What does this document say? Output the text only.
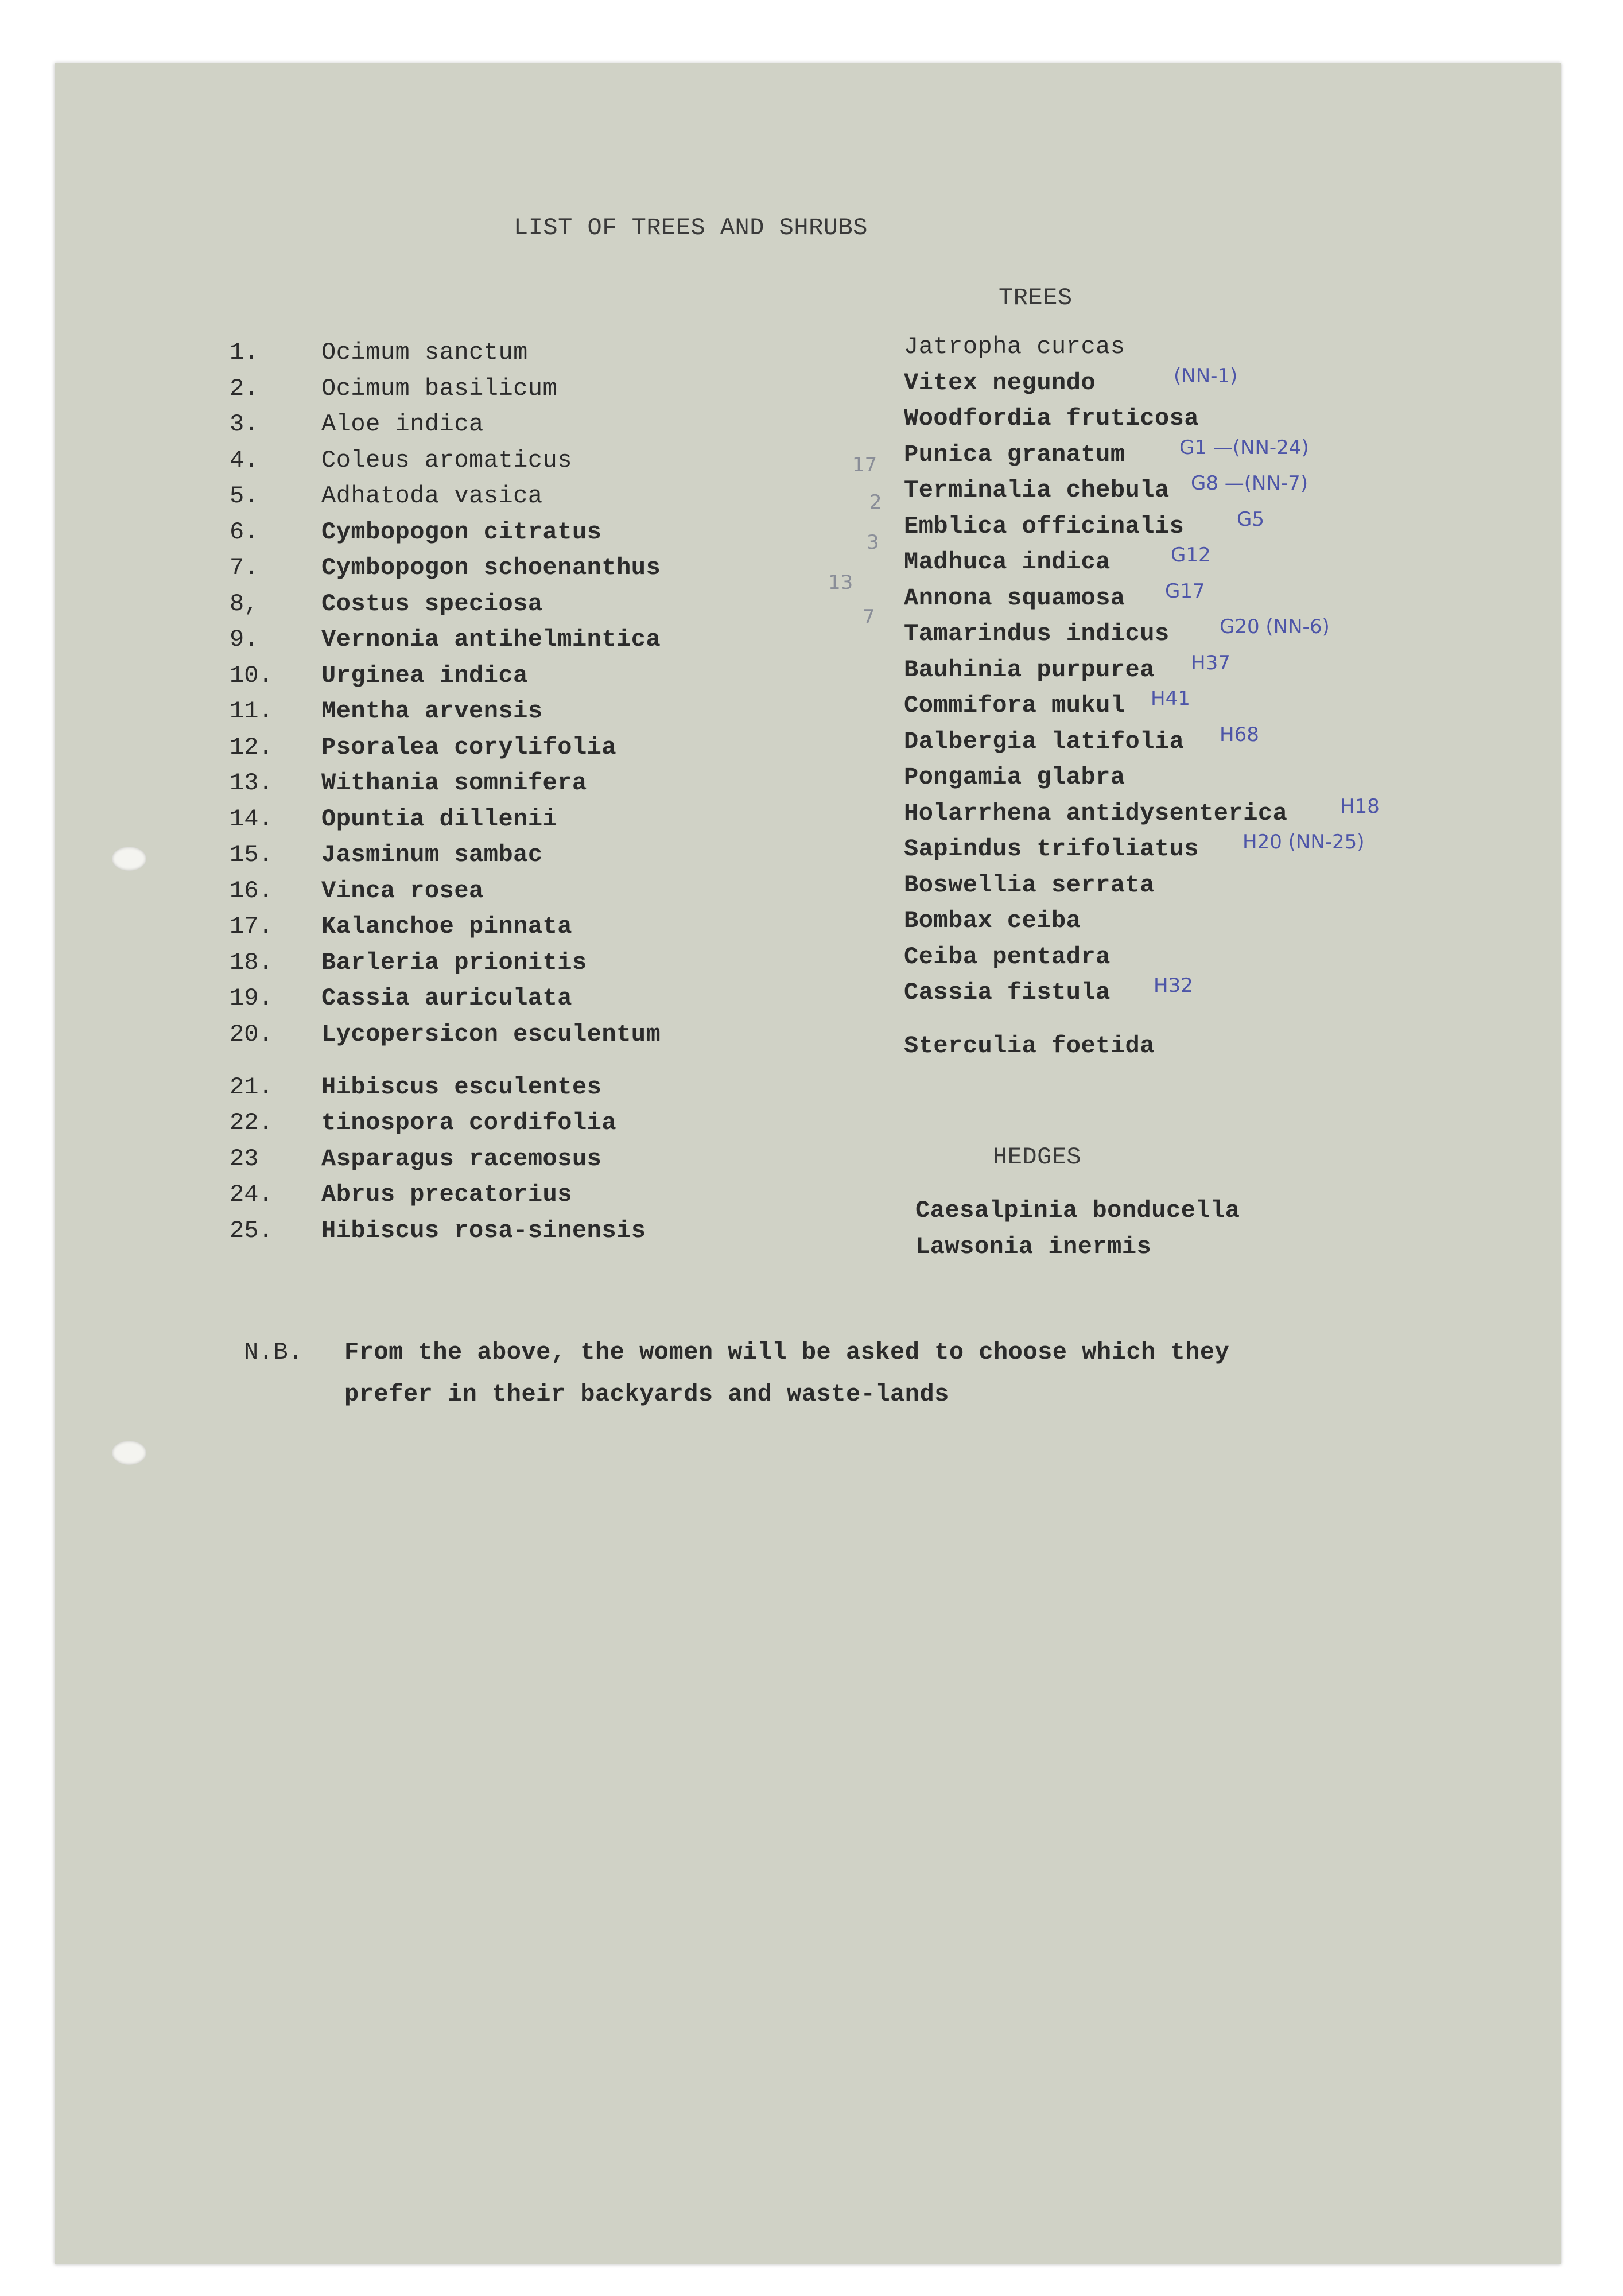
LIST OF TREES AND SHRUBS
1.	Ocimum sanctum
2.	Ocimum basilicum
3.	Aloe indica
4.	Coleus aromaticus
5.	Adhatoda vasica
6.	Cymbopogon citratus
7.	Cymbopogon schoenanthus
8,	Costus speciosa
9.	Vernonia antihelmintica
10. Urginea indica
11. Mentha arvensis
12. Psoralea corylifolia
13. Withania somnifera
14. Opuntia dillenii
15. Jasminum sambac
16. Vinca rosea
17. Kalanchoe pinnata
18. Barleria prionitis
19. Cassia auriculata
20. Lycopersicon esculentum
21. Hibiscus esculentes
22. tinospora cordifolia
23	Asparagus racemosus
24. Abrus precatorius
25. Hibiscus rosa-sinensis
TREES
Jatropha curcas
Vitex negundo	(NN-1)
Woodfordia fruticosa
Punica granatum	G1 —(NN-24)
Terminalia chebula G8 —(NN-7)
Emblica officinalis	G5
Madhuca indica	G12
Annona squamosa G17
Tamarindus indicus	G20 (NN-6)
Bauhinia purpurea H37
Commifora mukul H41
Dalbergia latifolia H68
Pongamia glabra
Holarrhena antidysenterica	H18
Sapindus trifoliatus H20 (NN-25)
Boswellia serrata
Bombax ceiba
Ceiba pentadra
Cassia fistula H32
Sterculia foetida
17
2
3
13
7
HEDGES
Caesalpinia bonducella
Lawsonia inermis
N.B. From the above, the women will be asked to choose which they
prefer in their backyards and waste-lands
